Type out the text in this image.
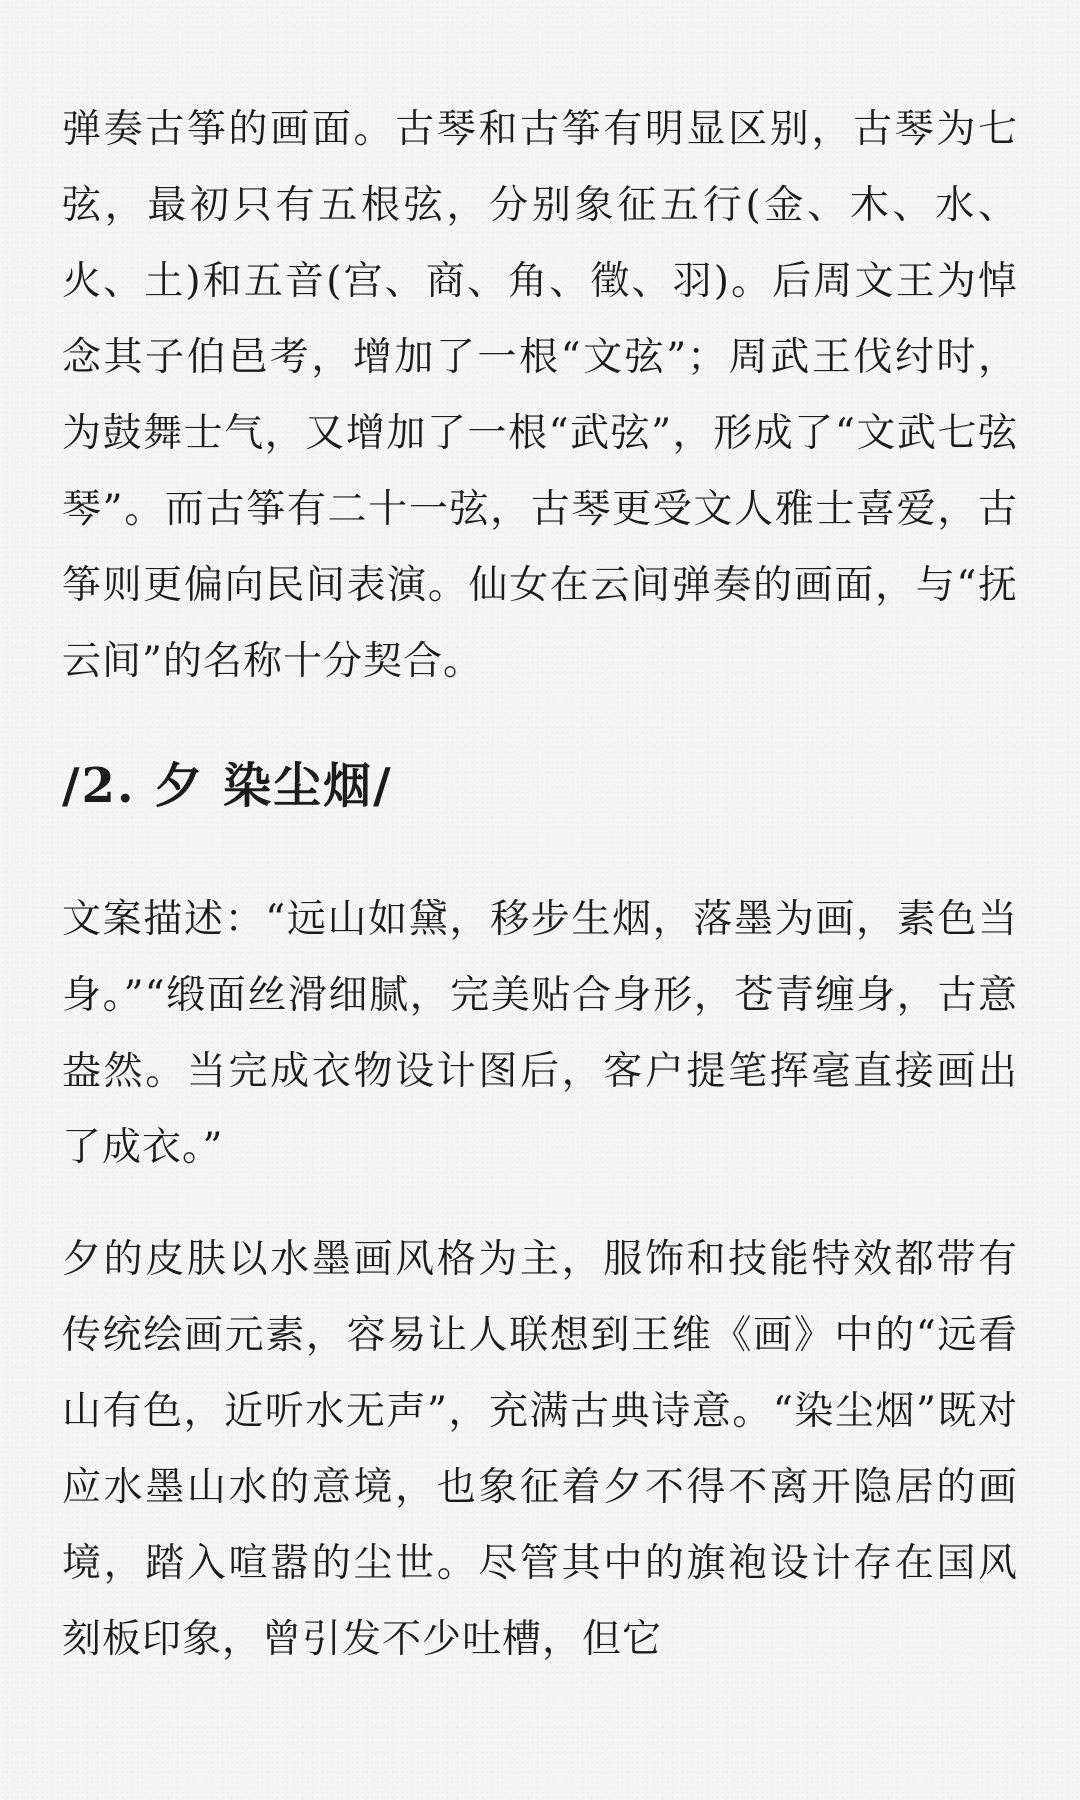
弹奏古筝的画面。古琴和古筝有明显区别，古琴为七弦，最初只有五根弦，分别象征五行(金、木、水、火、土)和五音(宫、商、角、徵、羽)。后周文王为悼念其子伯邑考，增加了一根“文弦”；周武王伐纣时，为鼓舞士气，又增加了一根“武弦”，形成了“文武七弦琴”。而古筝有二十一弦，古琴更受文人雅士喜爱，古筝则更偏向民间表演。仙女在云间弹奏的画面，与“抚云间”的名称十分契合。

/2. 夕 染尘烟/

文案描述：“远山如黛，移步生烟，落墨为画，素色当身。”“缎面丝滑细腻，完美贴合身形，苍青缠身，古意盎然。当完成衣物设计图后，客户提笔挥毫直接画出了成衣。”

夕的皮肤以水墨画风格为主，服饰和技能特效都带有传统绘画元素，容易让人联想到王维《画》中的“远看山有色，近听水无声”，充满古典诗意。“染尘烟”既对应水墨山水的意境，也象征着夕不得不离开隐居的画境，踏入喧嚣的尘世。尽管其中的旗袍设计存在国风刻板印象，曾引发不少吐槽，但它
